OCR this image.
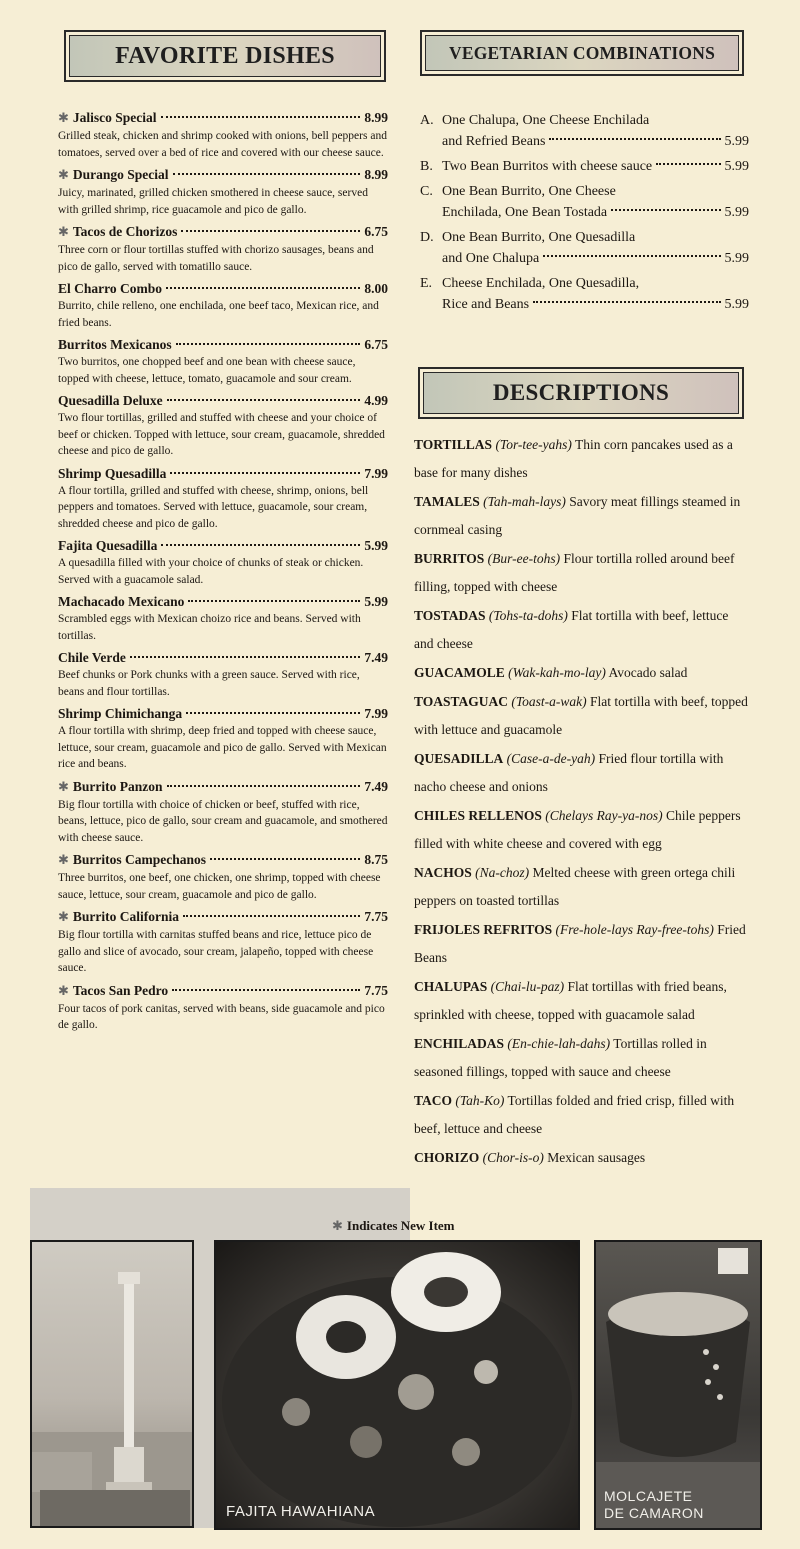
FAVORITE DISHES
✱ Jalisco Special	8.99
Grilled steak, chicken and shrimp cooked with onions, bell peppers and tomatoes, served over a bed of rice and covered with our cheese sauce.
✱ Durango Special	8.99
Juicy, marinated, grilled chicken smothered in cheese sauce, served with grilled shrimp, rice guacamole and pico de gallo.
✱ Tacos de Chorizos	6.75
Three corn or flour tortillas stuffed with chorizo sausages, beans and pico de gallo, served with tomatillo sauce.
El Charro Combo	8.00
Burrito, chile relleno, one enchilada, one beef taco, Mexican rice, and fried beans.
Burritos Mexicanos	6.75
Two burritos, one chopped beef and one bean with cheese sauce, topped with cheese, lettuce, tomato, guacamole and sour cream.
Quesadilla Deluxe	4.99
Two flour tortillas, grilled and stuffed with cheese and your choice of beef or chicken. Topped with lettuce, sour cream, guacamole, shredded cheese and pico de gallo.
Shrimp Quesadilla	7.99
A flour tortilla, grilled and stuffed with cheese, shrimp, onions, bell peppers and tomatoes. Served with lettuce, guacamole, sour cream, shredded cheese and pico de gallo.
Fajita Quesadilla	5.99
A quesadilla filled with your choice of chunks of steak or chicken. Served with a guacamole salad.
Machacado Mexicano	5.99
Scrambled eggs with Mexican choizo rice and beans. Served with tortillas.
Chile Verde	7.49
Beef chunks or Pork chunks with a green sauce. Served with rice, beans and flour tortillas.
Shrimp Chimichanga	7.99
A flour tortilla with shrimp, deep fried and topped with cheese sauce, lettuce, sour cream, guacamole and pico de gallo. Served with Mexican rice and beans.
✱ Burrito Panzon	7.49
Big flour tortilla with choice of chicken or beef, stuffed with rice, beans, lettuce, pico de gallo, sour cream and guacamole, and smothered with cheese sauce.
✱ Burritos Campechanos	8.75
Three burritos, one beef, one chicken, one shrimp, topped with cheese sauce, lettuce, sour cream, guacamole and pico de gallo.
✱ Burrito California	7.75
Big flour tortilla with carnitas stuffed beans and rice, lettuce pico de gallo and slice of avocado, sour cream, jalapeño, topped with cheese sauce.
✱ Tacos San Pedro	7.75
Four tacos of pork canitas, served with beans, side guacamole and pico de gallo.
VEGETARIAN COMBINATIONS
A. One Chalupa, One Cheese Enchilada
and Refried Beans	5.99
B. Two Bean Burritos with cheese sauce	5.99
C. One Bean Burrito, One Cheese
Enchilada, One Bean Tostada	5.99
D. One Bean Burrito, One Quesadilla
and One Chalupa	5.99
E. Cheese Enchilada, One Quesadilla,
Rice and Beans	5.99
DESCRIPTIONS
TORTILLAS (Tor-tee-yahs) Thin corn pancakes used as a base for many dishes
TAMALES (Tah-mah-lays) Savory meat fillings steamed in cornmeal casing
BURRITOS (Bur-ee-tohs) Flour tortilla rolled around beef filling, topped with cheese
TOSTADAS (Tohs-ta-dohs) Flat tortilla with beef, lettuce and cheese
GUACAMOLE (Wak-kah-mo-lay) Avocado salad
TOASTAGUAC (Toast-a-wak) Flat tortilla with beef, topped with lettuce and guacamole
QUESADILLA (Case-a-de-yah) Fried flour tortilla with nacho cheese and onions
CHILES RELLENOS (Chelays Ray-ya-nos) Chile peppers filled with white cheese and covered with egg
NACHOS (Na-choz) Melted cheese with green ortega chili peppers on toasted tortillas
FRIJOLES REFRITOS (Fre-hole-lays Ray-free-tohs) Fried Beans
CHALUPAS (Chai-lu-paz) Flat tortillas with fried beans, sprinkled with cheese, topped with guacamole salad
ENCHILADAS (En-chie-lah-dahs) Tortillas rolled in seasoned fillings, topped with sauce and cheese
TACO (Tah-Ko) Tortillas folded and fried crisp, filled with beef, lettuce and cheese
CHORIZO (Chor-is-o) Mexican sausages
✱ Indicates New Item
FAJITA HAWAHIANA
MOLCAJETE
DE CAMARON
